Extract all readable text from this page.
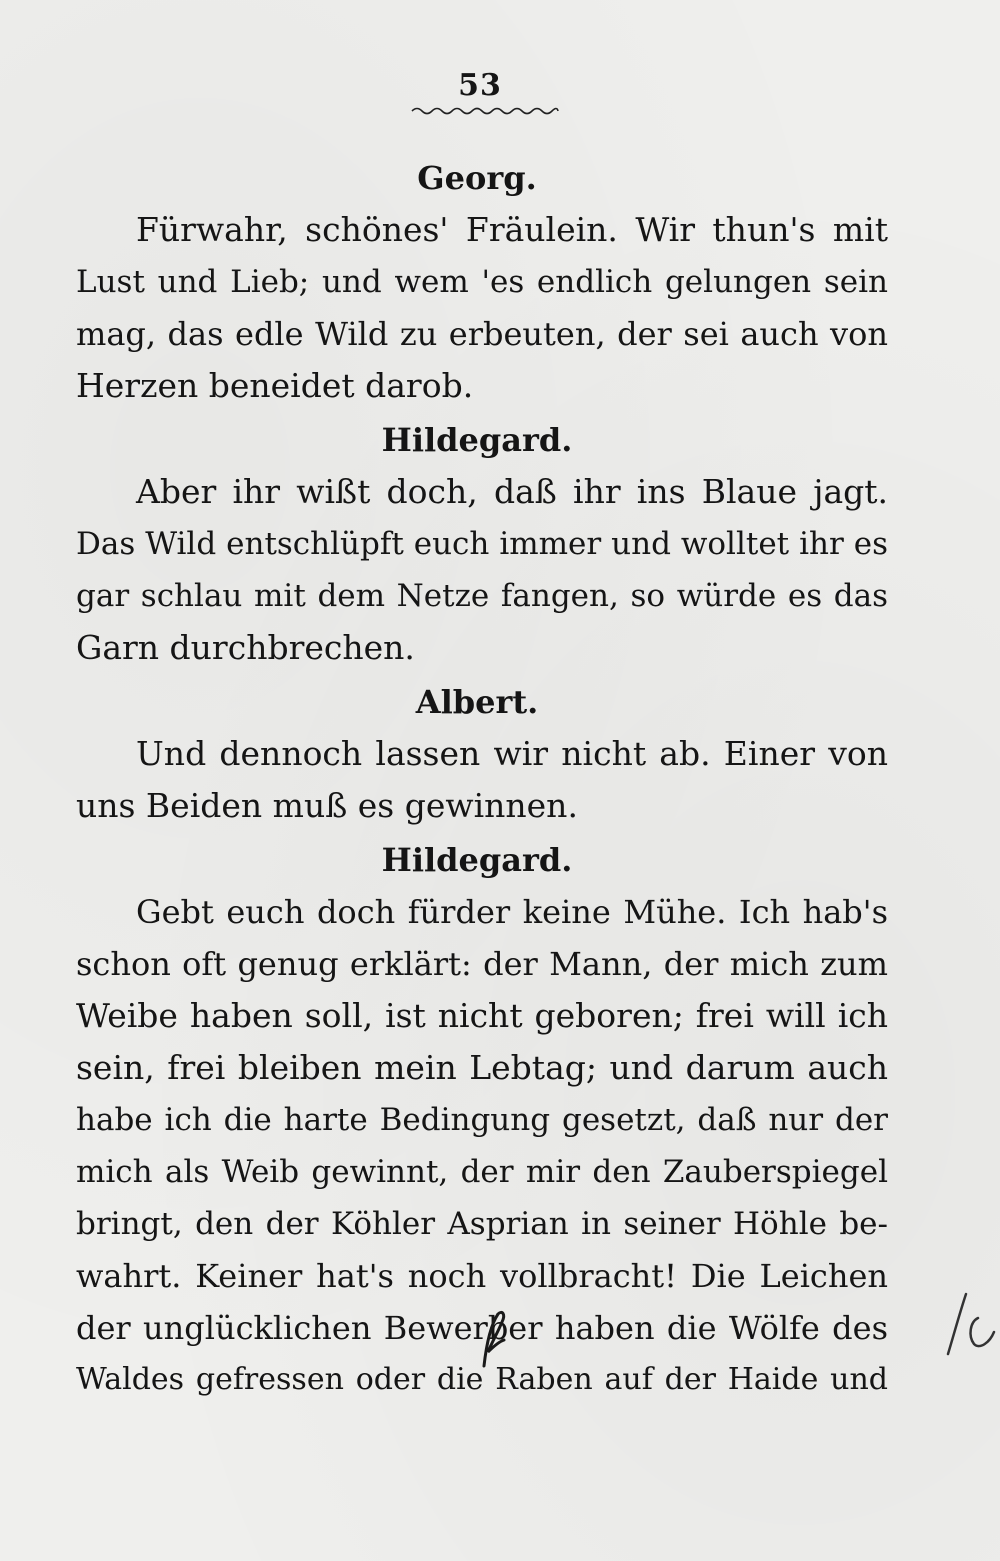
53
Georg.
Fürwahr, schönes' Fräulein. Wir thun's mit
Lust und Lieb; und wem 'es endlich gelungen sein
mag, das edle Wild zu erbeuten, der sei auch von
Herzen beneidet darob.
Hildegard.
Aber ihr wißt doch, daß ihr ins Blaue jagt.
Das Wild entschlüpft euch immer und wolltet ihr es
gar schlau mit dem Netze fangen, so würde es das
Garn durchbrechen.
Albert.
Und dennoch lassen wir nicht ab. Einer von
uns Beiden muß es gewinnen.
Hildegard.
Gebt euch doch fürder keine Mühe. Ich hab's
schon oft genug erklärt: der Mann, der mich zum
Weibe haben soll, ist nicht geboren; frei will ich
sein, frei bleiben mein Lebtag; und darum auch
habe ich die harte Bedingung gesetzt, daß nur der
mich als Weib gewinnt, der mir den Zauberspiegel
bringt, den der Köhler Asprian in seiner Höhle be-
wahrt. Keiner hat's noch vollbracht! Die Leichen
der unglücklichen Bewerber haben die Wölfe des
Waldes gefressen oder die Raben auf der Haide und
